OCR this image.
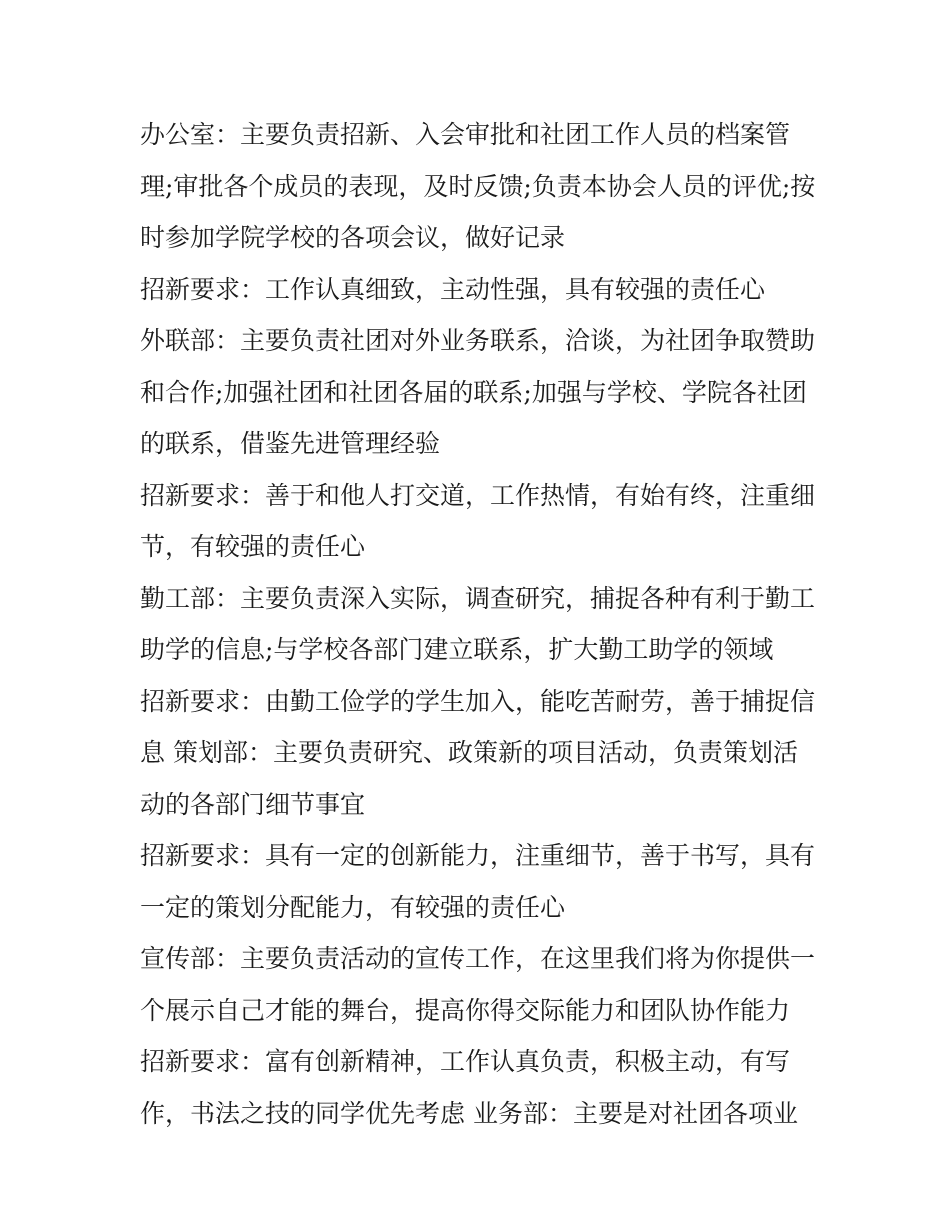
办公室：主要负责招新、入会审批和社团工作人员的档案管
理;审批各个成员的表现，及时反馈;负责本协会人员的评优;按
时参加学院学校的各项会议，做好记录
招新要求：工作认真细致，主动性强，具有较强的责任心
外联部：主要负责社团对外业务联系，洽谈，为社团争取赞助
和合作;加强社团和社团各届的联系;加强与学校、学院各社团
的联系，借鉴先进管理经验
招新要求：善于和他人打交道，工作热情，有始有终，注重细
节，有较强的责任心
勤工部：主要负责深入实际，调查研究，捕捉各种有利于勤工
助学的信息;与学校各部门建立联系，扩大勤工助学的领域
招新要求：由勤工俭学的学生加入，能吃苦耐劳，善于捕捉信
息 策划部：主要负责研究、政策新的项目活动，负责策划活
动的各部门细节事宜
招新要求：具有一定的创新能力，注重细节，善于书写，具有
一定的策划分配能力，有较强的责任心
宣传部：主要负责活动的宣传工作，在这里我们将为你提供一
个展示自己才能的舞台，提高你得交际能力和团队协作能力
招新要求：富有创新精神，工作认真负责，积极主动，有写
作，书法之技的同学优先考虑 业务部：主要是对社团各项业
